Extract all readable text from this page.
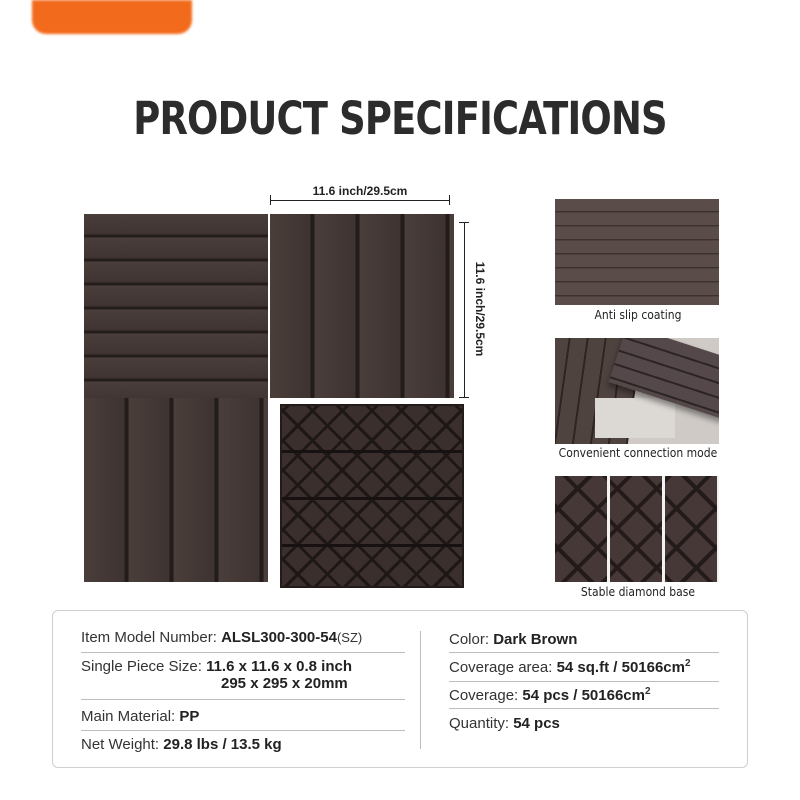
PRODUCT SPECIFICATIONS
11.6 inch/29.5cm
11.6 inch/29.5cm	Anti slip coating
Convenient connection mode
Stable diamond base
Item Model Number: ALSL300-300-54(SZ)
Single Piece Size: 11.6 x 11.6 x 0.8 inch
295 x 295 x 20mm
Main Material: PP
Net Weight: 29.8 lbs / 13.5 kg
Color: Dark Brown
Coverage area: 54 $sq.ft / 50166cm^2$
Coverage: 54 pcs / $50166cm^2$
Quantity: 54 pcs
